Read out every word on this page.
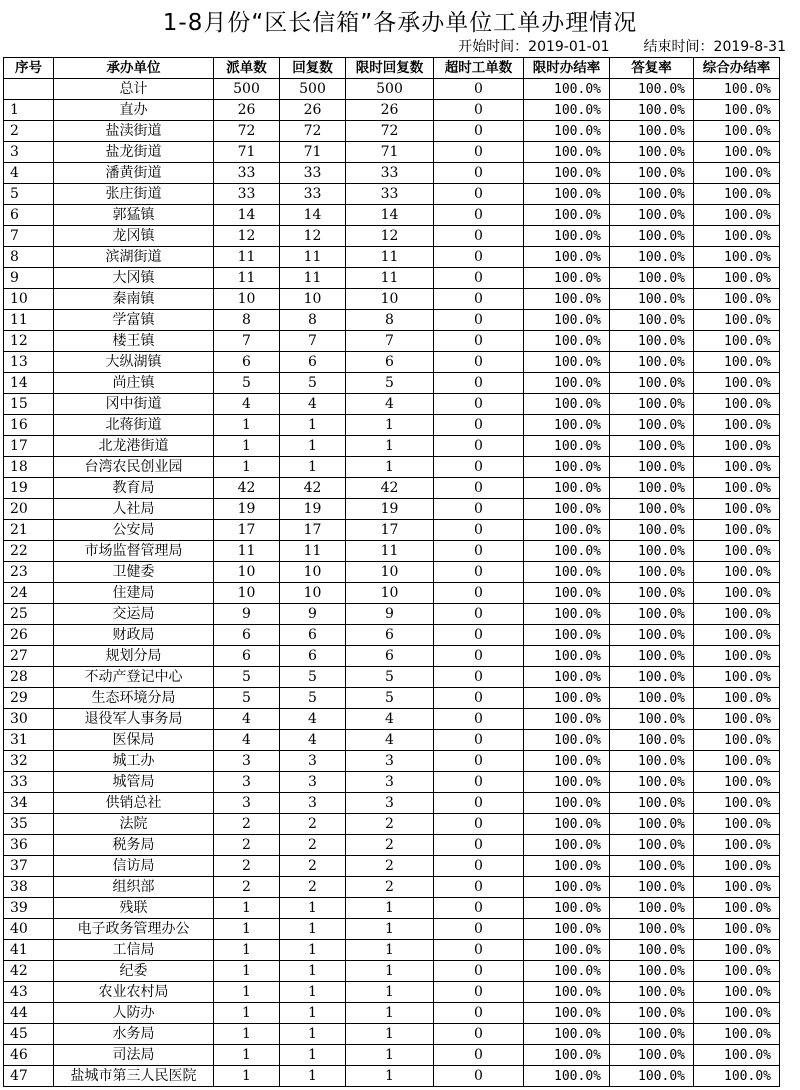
1-8月份“区长信箱”各承办单位工单办理情况
开始时间：2019-01-01 结束时间：2019-8-31
序号	承办单位	派单数	回复数	限时回复数	超时工单数	限时办结率	答复率	综合办结率
	总计	500	500	500	0	100.0%	100.0%	100.0%
1	直办	26	26	26	0	100.0%	100.0%	100.0%
2	盐渎街道	72	72	72	0	100.0%	100.0%	100.0%
3	盐龙街道	71	71	71	0	100.0%	100.0%	100.0%
4	潘黄街道	33	33	33	0	100.0%	100.0%	100.0%
5	张庄街道	33	33	33	0	100.0%	100.0%	100.0%
6	郭猛镇	14	14	14	0	100.0%	100.0%	100.0%
7	龙冈镇	12	12	12	0	100.0%	100.0%	100.0%
8	滨湖街道	11	11	11	0	100.0%	100.0%	100.0%
9	大冈镇	11	11	11	0	100.0%	100.0%	100.0%
10	秦南镇	10	10	10	0	100.0%	100.0%	100.0%
11	学富镇	8	8	8	0	100.0%	100.0%	100.0%
12	楼王镇	7	7	7	0	100.0%	100.0%	100.0%
13	大纵湖镇	6	6	6	0	100.0%	100.0%	100.0%
14	尚庄镇	5	5	5	0	100.0%	100.0%	100.0%
15	冈中街道	4	4	4	0	100.0%	100.0%	100.0%
16	北蒋街道	1	1	1	0	100.0%	100.0%	100.0%
17	北龙港街道	1	1	1	0	100.0%	100.0%	100.0%
18	台湾农民创业园	1	1	1	0	100.0%	100.0%	100.0%
19	教育局	42	42	42	0	100.0%	100.0%	100.0%
20	人社局	19	19	19	0	100.0%	100.0%	100.0%
21	公安局	17	17	17	0	100.0%	100.0%	100.0%
22	市场监督管理局	11	11	11	0	100.0%	100.0%	100.0%
23	卫健委	10	10	10	0	100.0%	100.0%	100.0%
24	住建局	10	10	10	0	100.0%	100.0%	100.0%
25	交运局	9	9	9	0	100.0%	100.0%	100.0%
26	财政局	6	6	6	0	100.0%	100.0%	100.0%
27	规划分局	6	6	6	0	100.0%	100.0%	100.0%
28	不动产登记中心	5	5	5	0	100.0%	100.0%	100.0%
29	生态环境分局	5	5	5	0	100.0%	100.0%	100.0%
30	退役军人事务局	4	4	4	0	100.0%	100.0%	100.0%
31	医保局	4	4	4	0	100.0%	100.0%	100.0%
32	城工办	3	3	3	0	100.0%	100.0%	100.0%
33	城管局	3	3	3	0	100.0%	100.0%	100.0%
34	供销总社	3	3	3	0	100.0%	100.0%	100.0%
35	法院	2	2	2	0	100.0%	100.0%	100.0%
36	税务局	2	2	2	0	100.0%	100.0%	100.0%
37	信访局	2	2	2	0	100.0%	100.0%	100.0%
38	组织部	2	2	2	0	100.0%	100.0%	100.0%
39	残联	1	1	1	0	100.0%	100.0%	100.0%
40	电子政务管理办公	1	1	1	0	100.0%	100.0%	100.0%
41	工信局	1	1	1	0	100.0%	100.0%	100.0%
42	纪委	1	1	1	0	100.0%	100.0%	100.0%
43	农业农村局	1	1	1	0	100.0%	100.0%	100.0%
44	人防办	1	1	1	0	100.0%	100.0%	100.0%
45	水务局	1	1	1	0	100.0%	100.0%	100.0%
46	司法局	1	1	1	0	100.0%	100.0%	100.0%
47	盐城市第三人民医院	1	1	1	0	100.0%	100.0%	100.0%
